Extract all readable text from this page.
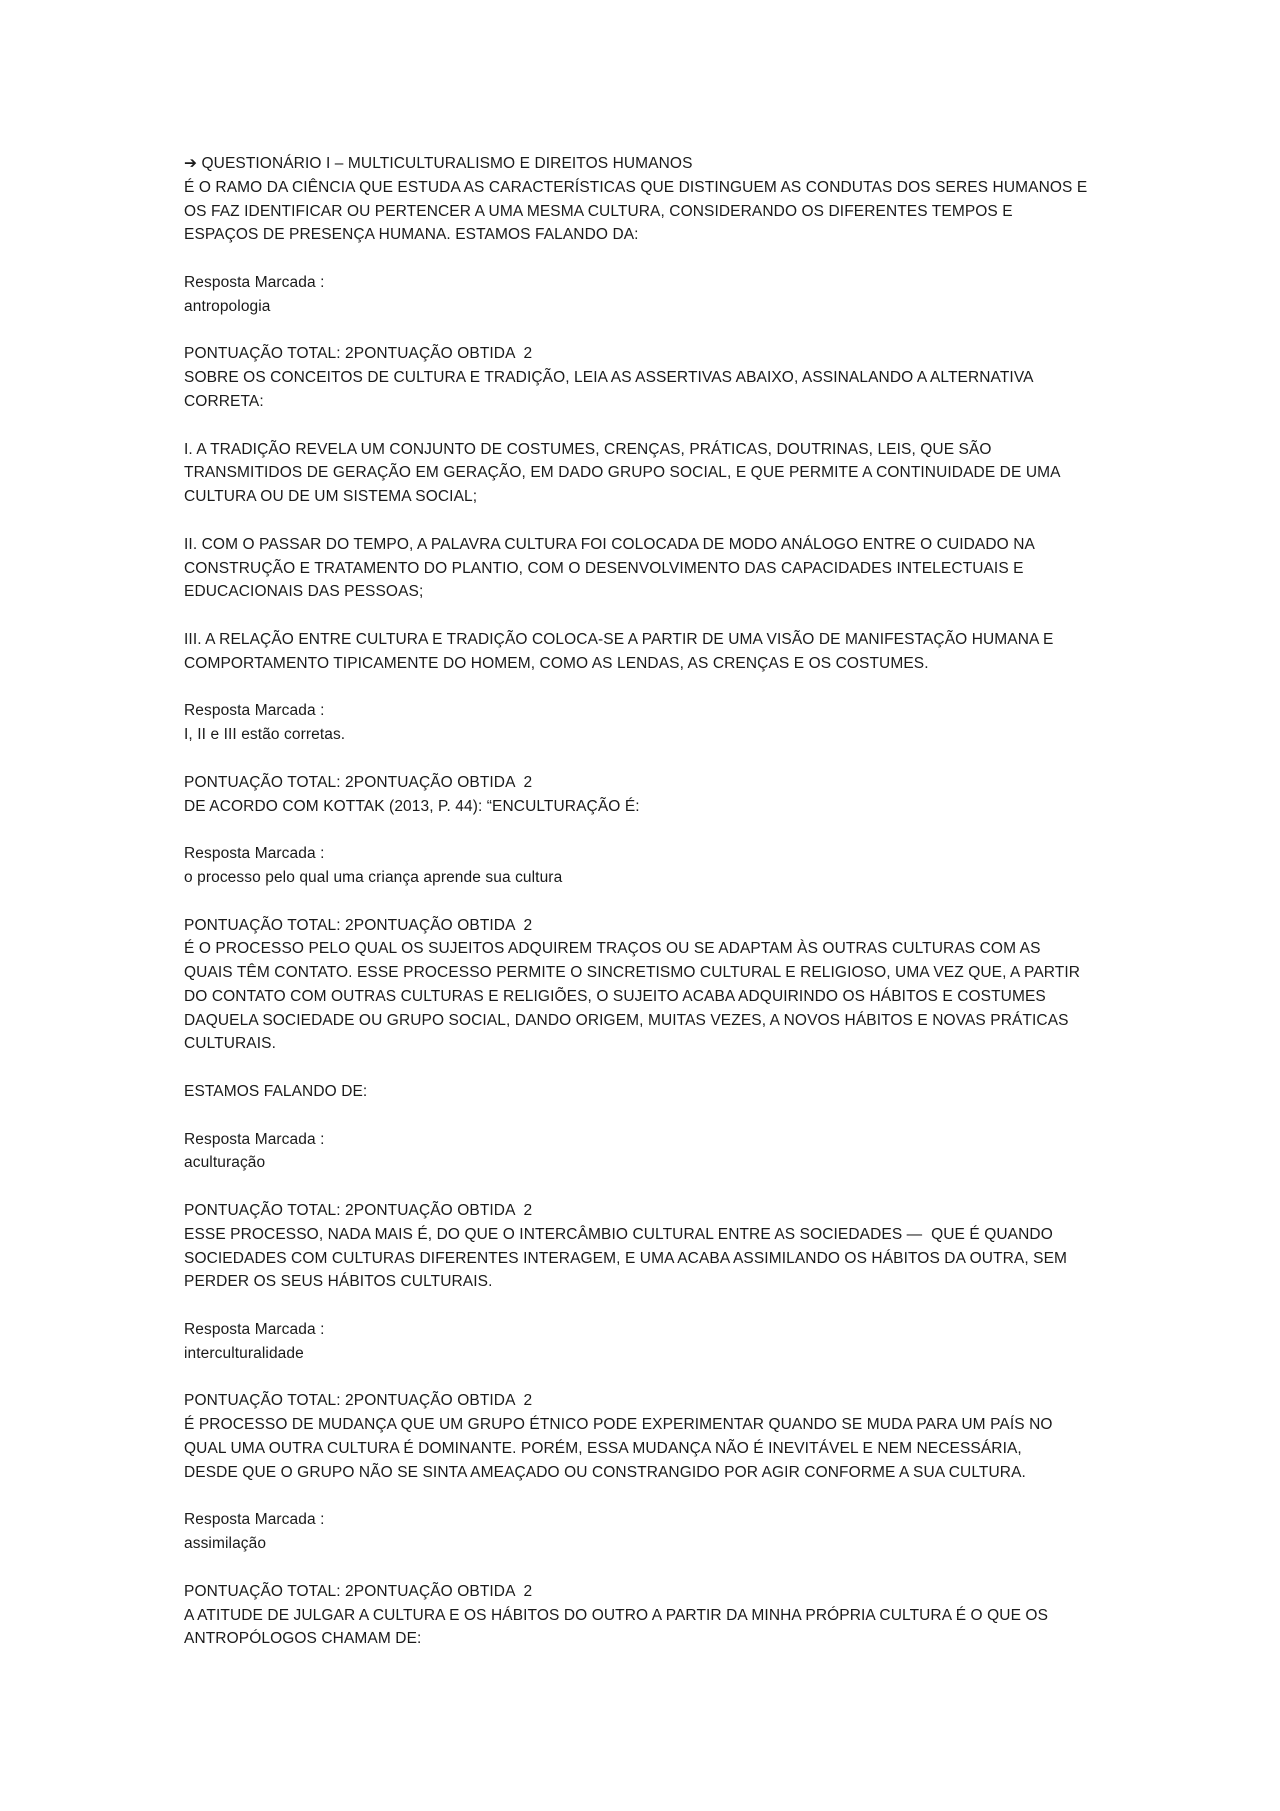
➔ QUESTIONÁRIO I – MULTICULTURALISMO E DIREITOS HUMANOS
É O RAMO DA CIÊNCIA QUE ESTUDA AS CARACTERÍSTICAS QUE DISTINGUEM AS CONDUTAS DOS SERES HUMANOS E
OS FAZ IDENTIFICAR OU PERTENCER A UMA MESMA CULTURA, CONSIDERANDO OS DIFERENTES TEMPOS E
ESPAÇOS DE PRESENÇA HUMANA. ESTAMOS FALANDO DA:
Resposta Marcada :
antropologia
PONTUAÇÃO TOTAL: 2PONTUAÇÃO OBTIDA  2
SOBRE OS CONCEITOS DE CULTURA E TRADIÇÃO, LEIA AS ASSERTIVAS ABAIXO, ASSINALANDO A ALTERNATIVA
CORRETA:
I. A TRADIÇÃO REVELA UM CONJUNTO DE COSTUMES, CRENÇAS, PRÁTICAS, DOUTRINAS, LEIS, QUE SÃO
TRANSMITIDOS DE GERAÇÃO EM GERAÇÃO, EM DADO GRUPO SOCIAL, E QUE PERMITE A CONTINUIDADE DE UMA
CULTURA OU DE UM SISTEMA SOCIAL;
II. COM O PASSAR DO TEMPO, A PALAVRA CULTURA FOI COLOCADA DE MODO ANÁLOGO ENTRE O CUIDADO NA
CONSTRUÇÃO E TRATAMENTO DO PLANTIO, COM O DESENVOLVIMENTO DAS CAPACIDADES INTELECTUAIS E
EDUCACIONAIS DAS PESSOAS;
III. A RELAÇÃO ENTRE CULTURA E TRADIÇÃO COLOCA-SE A PARTIR DE UMA VISÃO DE MANIFESTAÇÃO HUMANA E
COMPORTAMENTO TIPICAMENTE DO HOMEM, COMO AS LENDAS, AS CRENÇAS E OS COSTUMES.
Resposta Marcada :
I, II e III estão corretas.
PONTUAÇÃO TOTAL: 2PONTUAÇÃO OBTIDA  2
DE ACORDO COM KOTTAK (2013, P. 44): “ENCULTURAÇÃO É:
Resposta Marcada :
o processo pelo qual uma criança aprende sua cultura
PONTUAÇÃO TOTAL: 2PONTUAÇÃO OBTIDA  2
É O PROCESSO PELO QUAL OS SUJEITOS ADQUIREM TRAÇOS OU SE ADAPTAM ÀS OUTRAS CULTURAS COM AS
QUAIS TÊM CONTATO. ESSE PROCESSO PERMITE O SINCRETISMO CULTURAL E RELIGIOSO, UMA VEZ QUE, A PARTIR
DO CONTATO COM OUTRAS CULTURAS E RELIGIÕES, O SUJEITO ACABA ADQUIRINDO OS HÁBITOS E COSTUMES
DAQUELA SOCIEDADE OU GRUPO SOCIAL, DANDO ORIGEM, MUITAS VEZES, A NOVOS HÁBITOS E NOVAS PRÁTICAS
CULTURAIS.
ESTAMOS FALANDO DE:
Resposta Marcada :
aculturação
PONTUAÇÃO TOTAL: 2PONTUAÇÃO OBTIDA  2
ESSE PROCESSO, NADA MAIS É, DO QUE O INTERCÂMBIO CULTURAL ENTRE AS SOCIEDADES —  QUE É QUANDO
SOCIEDADES COM CULTURAS DIFERENTES INTERAGEM, E UMA ACABA ASSIMILANDO OS HÁBITOS DA OUTRA, SEM
PERDER OS SEUS HÁBITOS CULTURAIS.
Resposta Marcada :
interculturalidade
PONTUAÇÃO TOTAL: 2PONTUAÇÃO OBTIDA  2
É PROCESSO DE MUDANÇA QUE UM GRUPO ÉTNICO PODE EXPERIMENTAR QUANDO SE MUDA PARA UM PAÍS NO
QUAL UMA OUTRA CULTURA É DOMINANTE. PORÉM, ESSA MUDANÇA NÃO É INEVITÁVEL E NEM NECESSÁRIA,
DESDE QUE O GRUPO NÃO SE SINTA AMEAÇADO OU CONSTRANGIDO POR AGIR CONFORME A SUA CULTURA.
Resposta Marcada :
assimilação
PONTUAÇÃO TOTAL: 2PONTUAÇÃO OBTIDA  2
A ATITUDE DE JULGAR A CULTURA E OS HÁBITOS DO OUTRO A PARTIR DA MINHA PRÓPRIA CULTURA É O QUE OS
ANTROPÓLOGOS CHAMAM DE:
